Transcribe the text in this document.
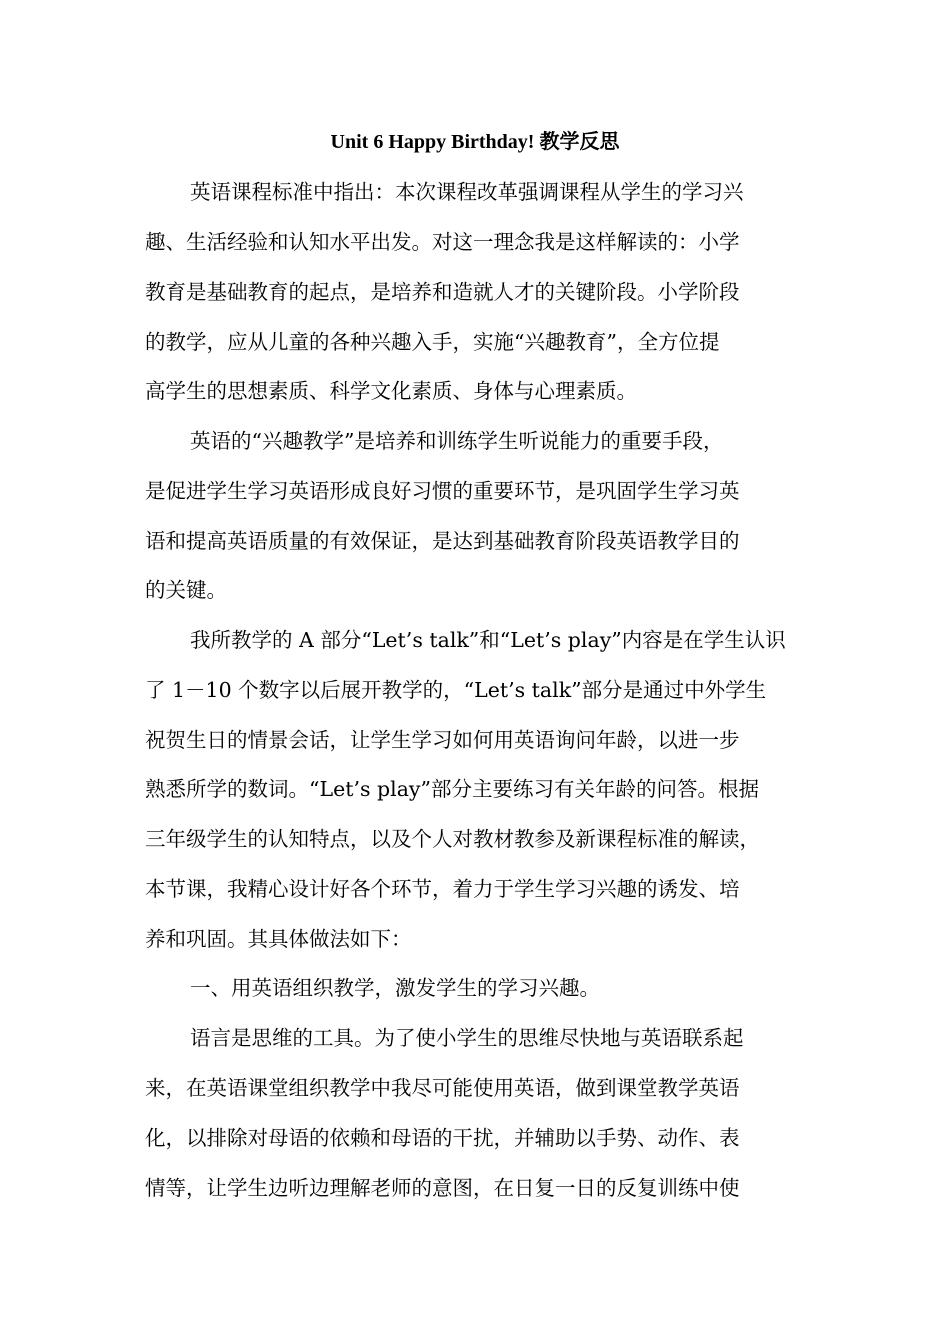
Unit 6 Happy Birthday! 教学反思

英语课程标准中指出：本次课程改革强调课程从学生的学习兴

趣、生活经验和认知水平出发。对这一理念我是这样解读的：小学

教育是基础教育的起点，是培养和造就人才的关键阶段。小学阶段

的教学，应从儿童的各种兴趣入手，实施“兴趣教育”，全方位提

高学生的思想素质、科学文化素质、身体与心理素质。

英语的“兴趣教学”是培养和训练学生听说能力的重要手段，

是促进学生学习英语形成良好习惯的重要环节，是巩固学生学习英

语和提高英语质量的有效保证，是达到基础教育阶段英语教学目的

的关键。

我所教学的 A 部分“Let’s talk”和“Let’s play”内容是在学生认识

了 1－10 个数字以后展开教学的，“Let’s talk”部分是通过中外学生

祝贺生日的情景会话，让学生学习如何用英语询问年龄，以进一步

熟悉所学的数词。“Let’s play”部分主要练习有关年龄的问答。根据

三年级学生的认知特点，以及个人对教材教参及新课程标准的解读，

本节课，我精心设计好各个环节，着力于学生学习兴趣的诱发、培

养和巩固。其具体做法如下：

一、用英语组织教学，激发学生的学习兴趣。

语言是思维的工具。为了使小学生的思维尽快地与英语联系起

来，在英语课堂组织教学中我尽可能使用英语，做到课堂教学英语

化，以排除对母语的依赖和母语的干扰，并辅助以手势、动作、表

情等，让学生边听边理解老师的意图，在日复一日的反复训练中使
